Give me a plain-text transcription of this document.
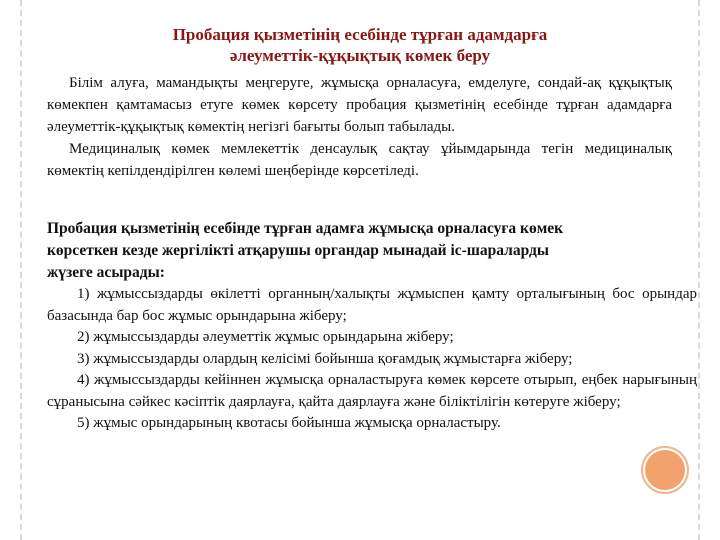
Пробация қызметінің есебінде тұрған адамдарға
әлеуметтік-құқықтық көмек беру

Білім алуға, мамандықты меңгеруге, жұмысқа орналасуға, емделуге, сондай-ақ құқықтық көмекпен қамтамасыз етуге көмек көрсету пробация қызметінің есебінде тұрған адамдарға әлеуметтік-құқықтық көмектің негізгі бағыты болып табылады.

Медициналық көмек мемлекеттік денсаулық сақтау ұйымдарында тегін медициналық көмектің кепілдендірілген көлемі шеңберінде көрсетіледі.

Пробация қызметінің есебінде тұрған адамға жұмысқа орналасуға көмек
көрсеткен кезде жергілікті атқарушы органдар мынадай іс-шараларды
жүзеге асырады:

1) жұмыссыздарды өкілетті органның/халықты жұмыспен қамту орталығының бос орындар базасында бар бос жұмыс орындарына жіберу;

2) жұмыссыздарды әлеуметтік жұмыс орындарына жіберу;

3) жұмыссыздарды олардың келісімі бойынша қоғамдық жұмыстарға жіберу;

4) жұмыссыздарды кейіннен жұмысқа орналастыруға көмек көрсете отырып, еңбек нарығының сұранысына сәйкес кәсіптік даярлауға, қайта даярлауға және біліктілігін көтеруге жіберу;

5) жұмыс орындарының квотасы бойынша жұмысқа орналастыру.
